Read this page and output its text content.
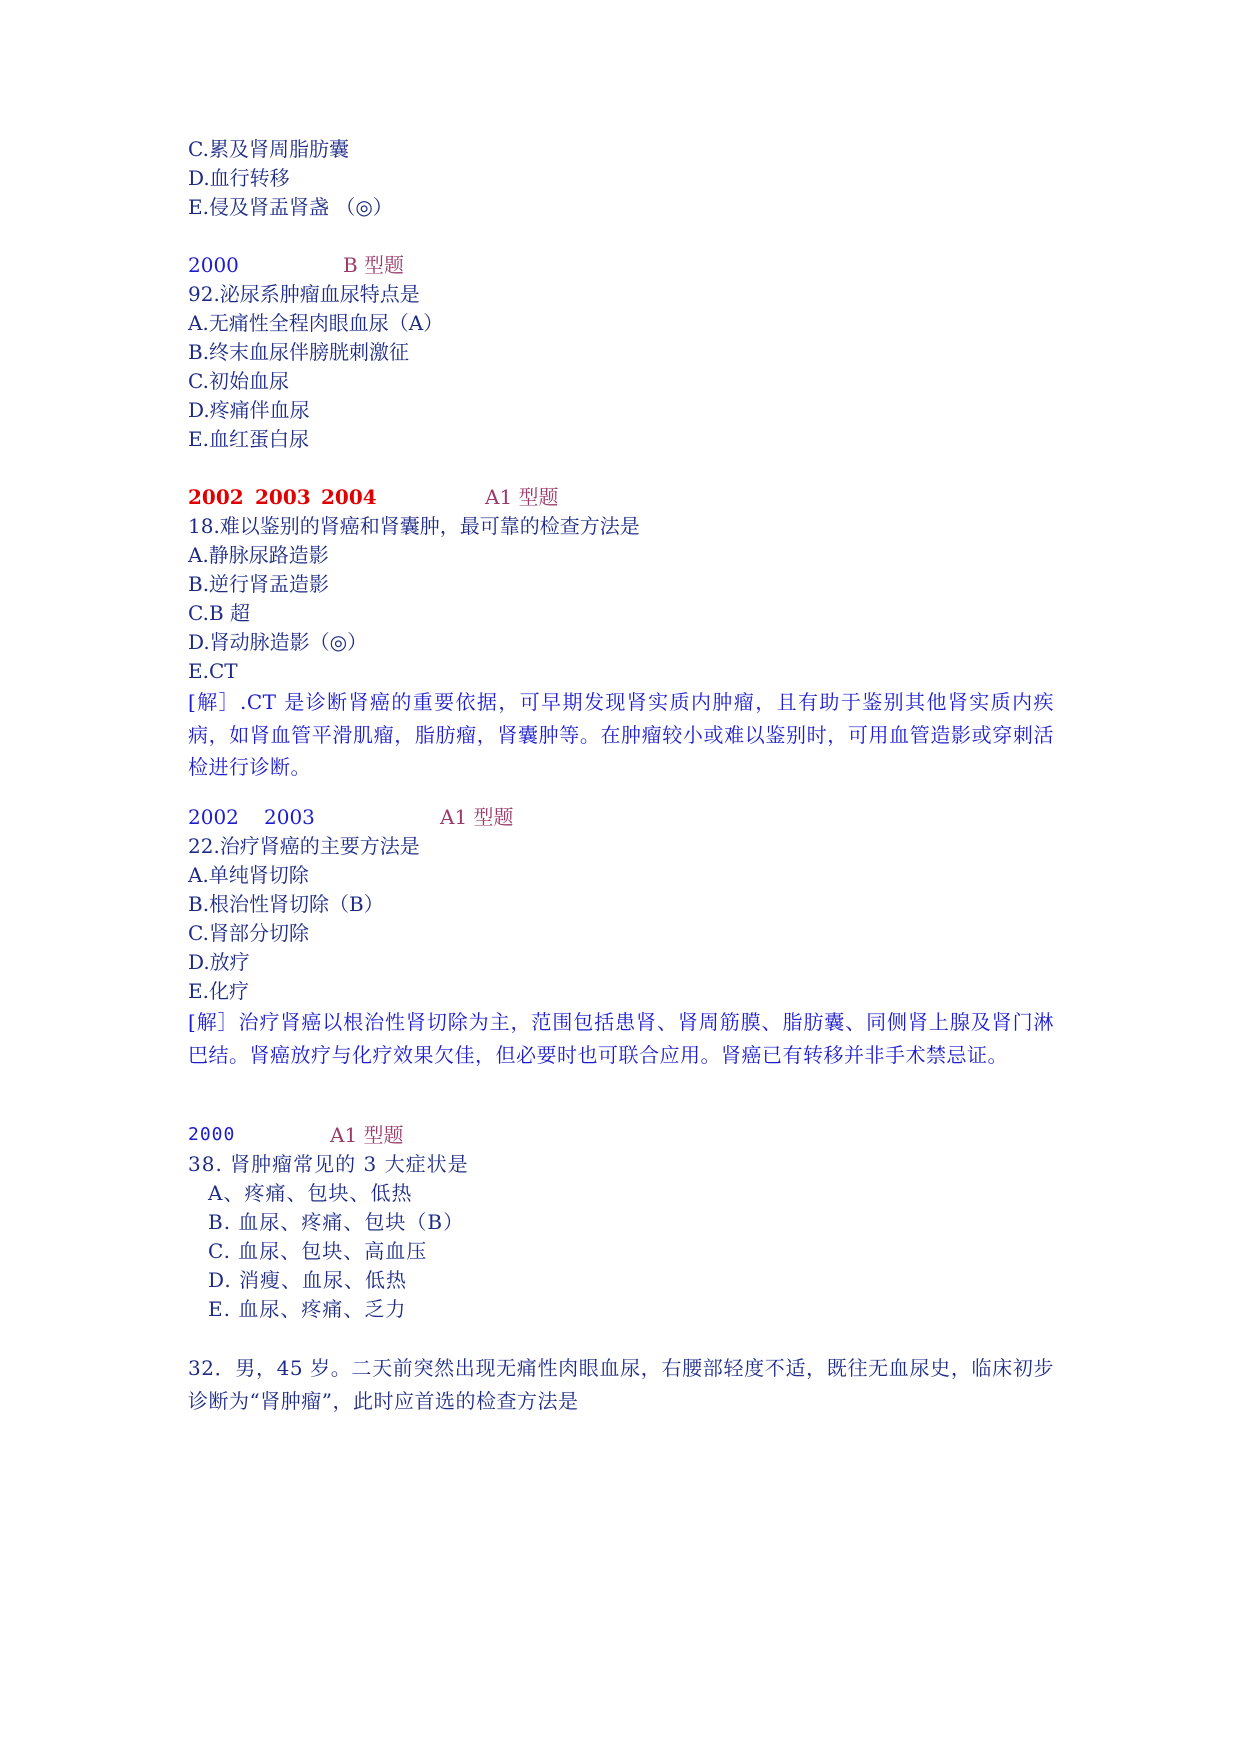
C.累及肾周脂肪囊
D.血行转移
E.侵及肾盂肾盏 （◎）
2000	B 型题
92.泌尿系肿瘤血尿特点是
A.无痛性全程肉眼血尿（A）
B.终末血尿伴膀胱刺激征
C.初始血尿
D.疼痛伴血尿
E.血红蛋白尿
2002 2003 2004	A1 型题
18.难以鉴别的肾癌和肾囊肿，最可靠的检查方法是
A.静脉尿路造影
B.逆行肾盂造影
C.B 超
D.肾动脉造影（◎）
E.CT
[解］.CT 是诊断肾癌的重要依据，可早期发现肾实质内肿瘤，且有助于鉴别其他肾实质内疾病，如肾血管平滑肌瘤，脂肪瘤，肾囊肿等。在肿瘤较小或难以鉴别时，可用血管造影或穿刺活检进行诊断。
2002 2003	A1 型题
22.治疗肾癌的主要方法是
A.单纯肾切除
B.根治性肾切除（B）
C.肾部分切除
D.放疗
E.化疗
[解］治疗肾癌以根治性肾切除为主，范围包括患肾、肾周筋膜、脂肪囊、同侧肾上腺及肾门淋巴结。肾癌放疗与化疗效果欠佳，但必要时也可联合应用。肾癌已有转移并非手术禁忌证。
2000	A1 型题
38. 肾肿瘤常见的 3 大症状是
A、疼痛、包块、低热
B. 血尿、疼痛、包块（B）
C. 血尿、包块、高血压
D. 消瘦、血尿、低热
E. 血尿、疼痛、乏力
32．男，45 岁。二天前突然出现无痛性肉眼血尿，右腰部轻度不适，既往无血尿史，临床初步诊断为“肾肿瘤”，此时应首选的检查方法是
